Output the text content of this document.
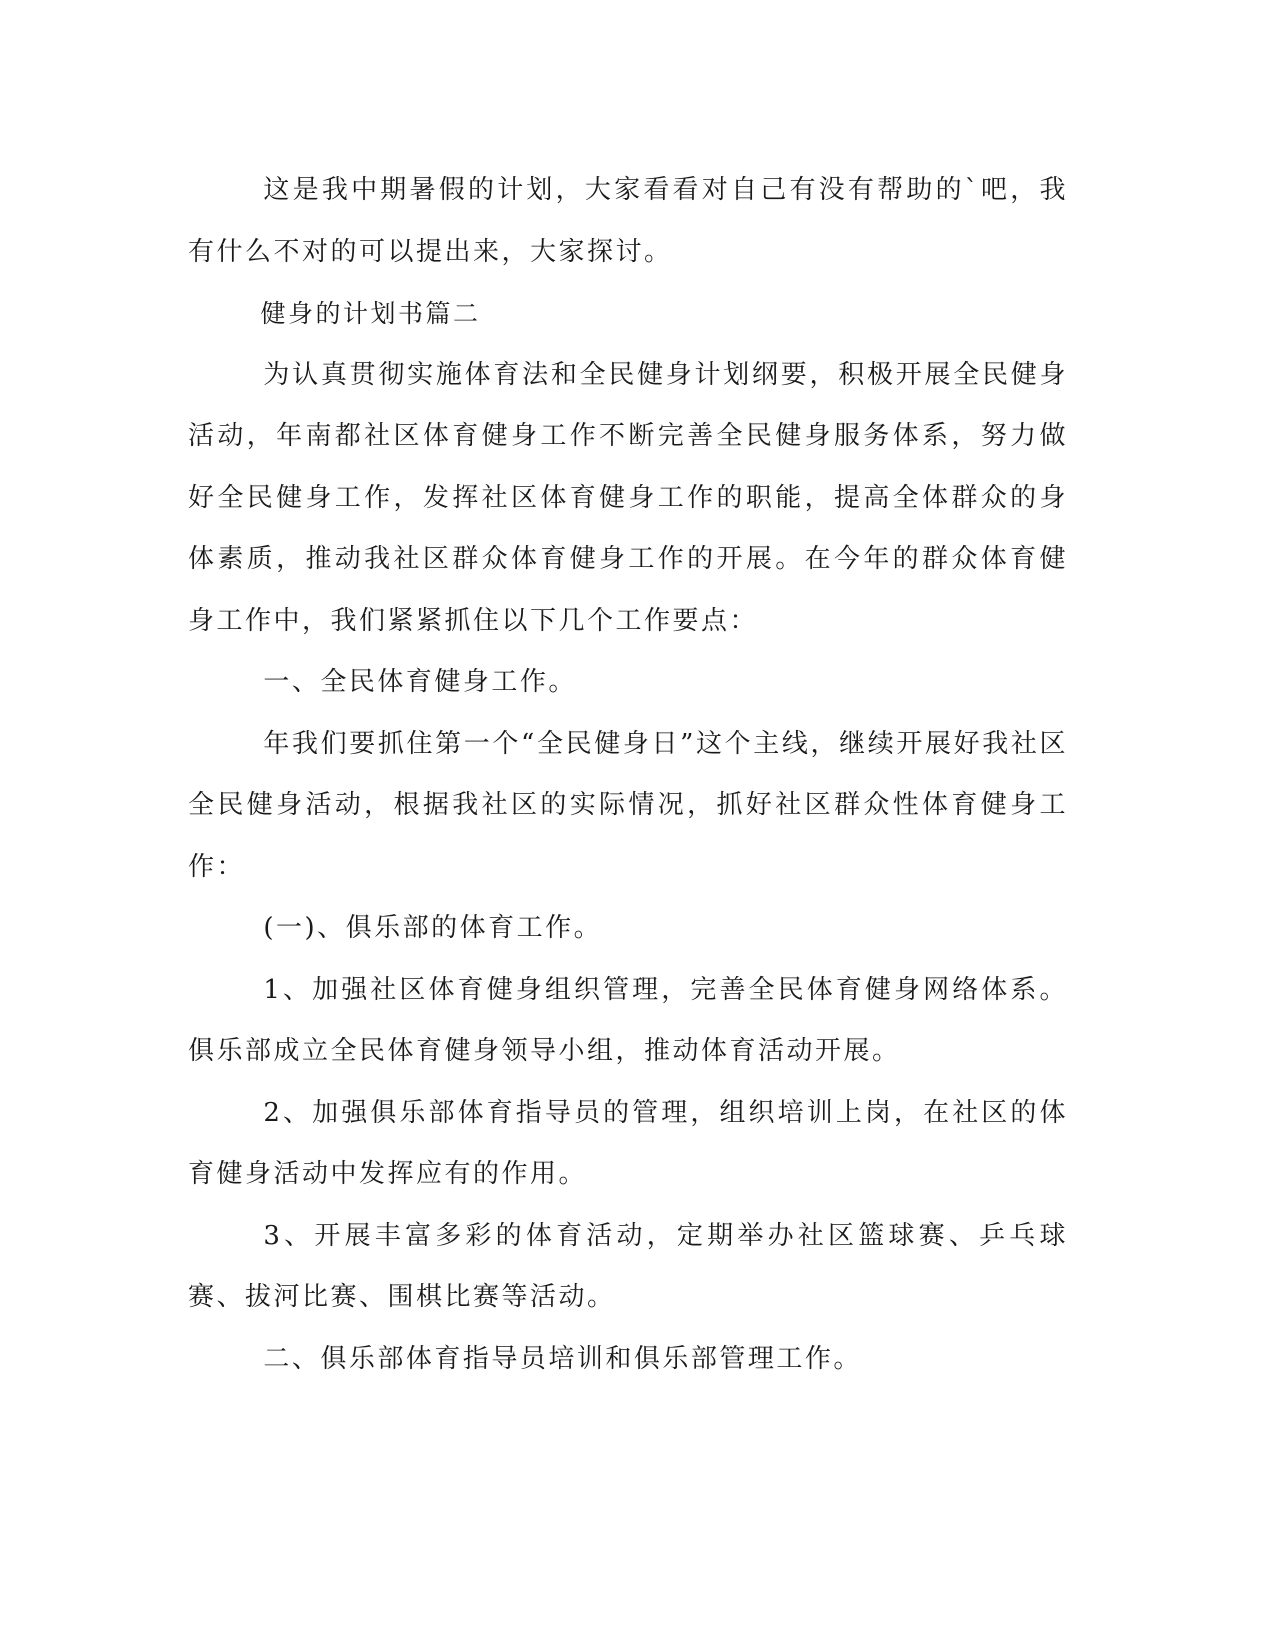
这是我中期暑假的计划，大家看看对自己有没有帮助的`吧，我有什么不对的可以提出来，大家探讨。

健身的计划书篇二

为认真贯彻实施体育法和全民健身计划纲要，积极开展全民健身活动，年南都社区体育健身工作不断完善全民健身服务体系，努力做好全民健身工作，发挥社区体育健身工作的职能，提高全体群众的身体素质，推动我社区群众体育健身工作的开展。在今年的群众体育健身工作中，我们紧紧抓住以下几个工作要点：

一、全民体育健身工作。

年我们要抓住第一个“全民健身日”这个主线，继续开展好我社区全民健身活动，根据我社区的实际情况，抓好社区群众性体育健身工作：

(一)、俱乐部的体育工作。

1、加强社区体育健身组织管理，完善全民体育健身网络体系。俱乐部成立全民体育健身领导小组，推动体育活动开展。

2、加强俱乐部体育指导员的管理，组织培训上岗，在社区的体育健身活动中发挥应有的作用。

3、开展丰富多彩的体育活动，定期举办社区篮球赛、乒乓球赛、拔河比赛、围棋比赛等活动。

二、俱乐部体育指导员培训和俱乐部管理工作。
